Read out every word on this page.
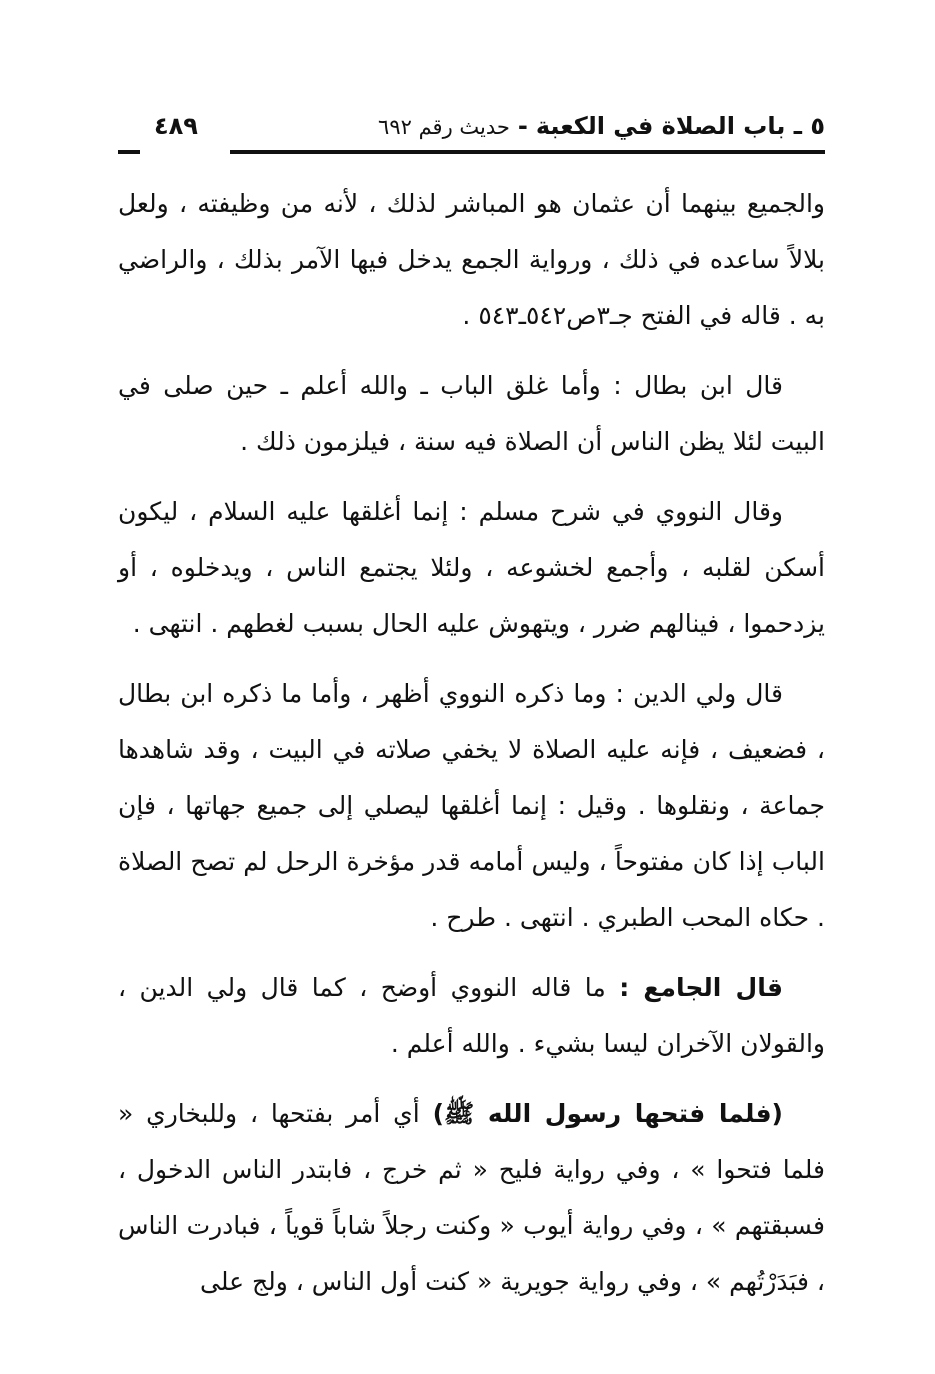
٥ ـ باب الصلاة في الكعبة-حديث رقم ٦٩٢
٤٨٩

والجميع بينهما أن عثمان هو المباشر لذلك ، لأنه من وظيفته ، ولعل بلالاً ساعده في ذلك ، ورواية الجمع يدخل فيها الآمر بذلك ، والراضي به . قاله في الفتح جـ٣ص٥٤٢ـ٥٤٣ .

قال ابن بطال : وأما غلق الباب ـ والله أعلم ـ حين صلى في البيت لئلا يظن الناس أن الصلاة فيه سنة ، فيلزمون ذلك .

وقال النووي في شرح مسلم : إنما أغلقها عليه السلام ، ليكون أسكن لقلبه ، وأجمع لخشوعه ، ولئلا يجتمع الناس ، ويدخلوه ، أو يزدحموا ، فينالهم ضرر ، ويتهوش عليه الحال بسبب لغطهم . انتهى .

قال ولي الدين : وما ذكره النووي أظهر ، وأما ما ذكره ابن بطال ، فضعيف ، فإنه عليه الصلاة لا يخفي صلاته في البيت ، وقد شاهدها جماعة ، ونقلوها . وقيل : إنما أغلقها ليصلي إلى جميع جهاتها ، فإن الباب إذا كان مفتوحاً ، وليس أمامه قدر مؤخرة الرحل لم تصح الصلاة . حكاه المحب الطبري . انتهى . طرح .

قال الجامع : ما قاله النووي أوضح ، كما قال ولي الدين ، والقولان الآخران ليسا بشيء . والله أعلم .

(فلما فتحها رسول الله ﷺ) أي أمر بفتحها ، وللبخاري « فلما فتحوا » ، وفي رواية فليح « ثم خرج ، فابتدر الناس الدخول ، فسبقتهم » ، وفي رواية أيوب « وكنت رجلاً شاباً قوياً ، فبادرت الناس ، فبَدَرْتُهم » ، وفي رواية جويرية « كنت أول الناس ، ولج على
